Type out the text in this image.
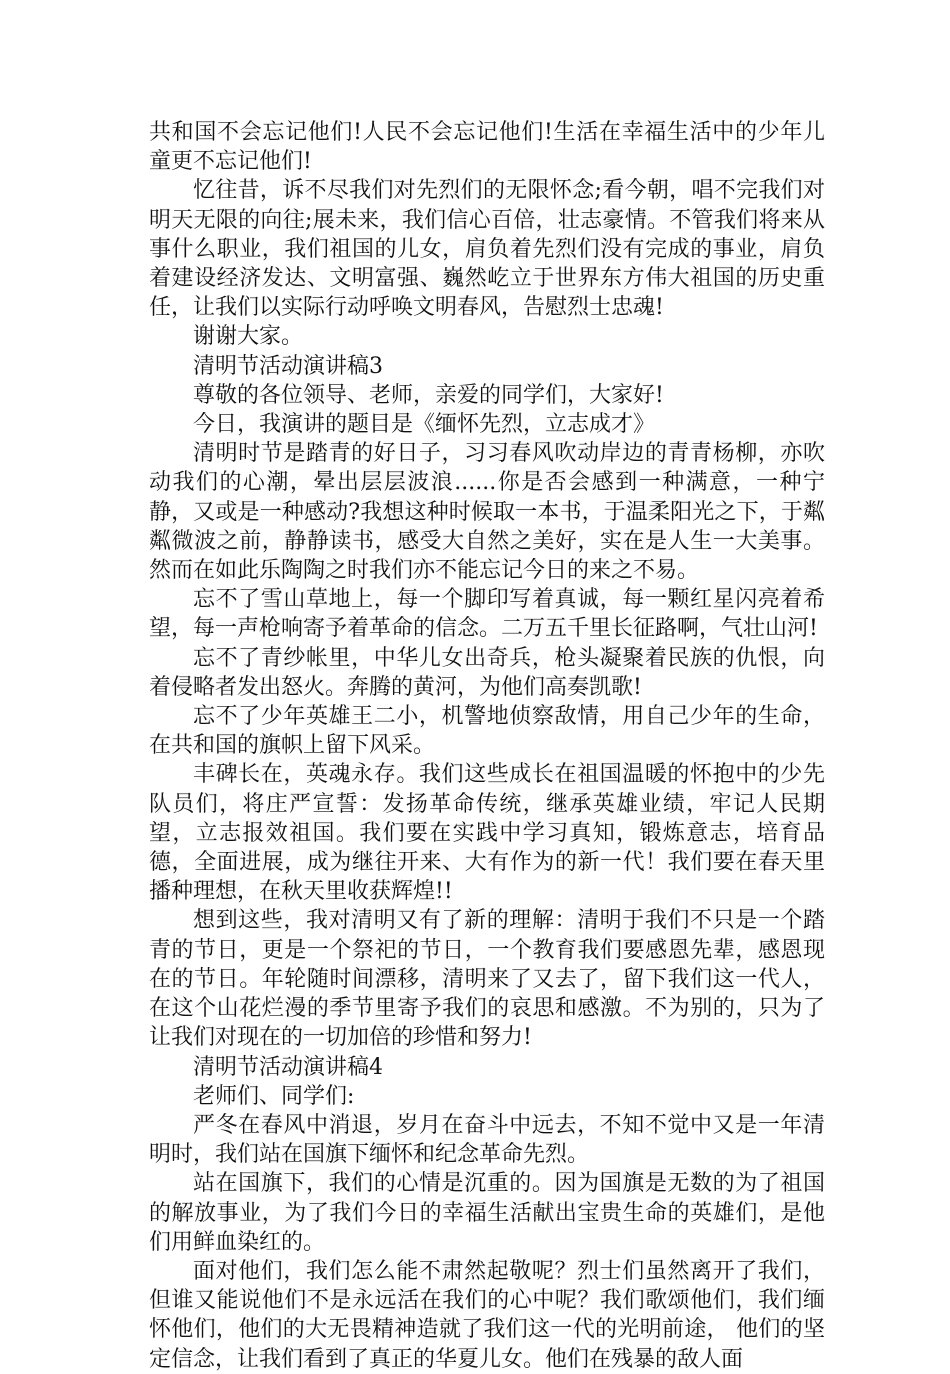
共和国不会忘记他们!人民不会忘记他们!生活在幸福生活中的少年儿童更不忘记他们!

忆往昔，诉不尽我们对先烈们的无限怀念;看今朝，唱不完我们对明天无限的向往;展未来，我们信心百倍，壮志豪情。不管我们将来从事什么职业，我们祖国的儿女，肩负着先烈们没有完成的事业，肩负着建设经济发达、文明富强、巍然屹立于世界东方伟大祖国的历史重任，让我们以实际行动呼唤文明春风，告慰烈士忠魂!

谢谢大家。

清明节活动演讲稿3

尊敬的各位领导、老师，亲爱的同学们，大家好!

今日，我演讲的题目是《缅怀先烈，立志成才》

清明时节是踏青的好日子，习习春风吹动岸边的青青杨柳，亦吹动我们的心潮，晕出层层波浪......你是否会感到一种满意，一种宁静，又或是一种感动?我想这种时候取一本书，于温柔阳光之下，于粼粼微波之前，静静读书，感受大自然之美好，实在是人生一大美事。然而在如此乐陶陶之时我们亦不能忘记今日的来之不易。

忘不了雪山草地上，每一个脚印写着真诚，每一颗红星闪亮着希望，每一声枪响寄予着革命的信念。二万五千里长征路啊，气壮山河!

忘不了青纱帐里，中华儿女出奇兵，枪头凝聚着民族的仇恨，向着侵略者发出怒火。奔腾的黄河，为他们高奏凯歌!

忘不了少年英雄王二小，机警地侦察敌情，用自己少年的生命，在共和国的旗帜上留下风采。

丰碑长在，英魂永存。我们这些成长在祖国温暖的怀抱中的少先队员们，将庄严宣誓：发扬革命传统，继承英雄业绩，牢记人民期望，立志报效祖国。我们要在实践中学习真知，锻炼意志，培育品德，全面进展，成为继往开来、大有作为的新一代！我们要在春天里播种理想，在秋天里收获辉煌!!

想到这些，我对清明又有了新的理解：清明于我们不只是一个踏青的节日，更是一个祭祀的节日，一个教育我们要感恩先辈，感恩现在的节日。年轮随时间漂移，清明来了又去了，留下我们这一代人，在这个山花烂漫的季节里寄予我们的哀思和感激。不为别的，只为了让我们对现在的一切加倍的珍惜和努力!

清明节活动演讲稿4

老师们、同学们:

严冬在春风中消退，岁月在奋斗中远去，不知不觉中又是一年清明时，我们站在国旗下缅怀和纪念革命先烈。

站在国旗下，我们的心情是沉重的。因为国旗是无数的为了祖国的解放事业，为了我们今日的幸福生活献出宝贵生命的英雄们，是他们用鲜血染红的。

面对他们，我们怎么能不肃然起敬呢？烈士们虽然离开了我们，但谁又能说他们不是永远活在我们的心中呢？我们歌颂他们，我们缅怀他们，他们的大无畏精神造就了我们这一代的光明前途， 他们的坚定信念，让我们看到了真正的华夏儿女。他们在残暴的敌人面
